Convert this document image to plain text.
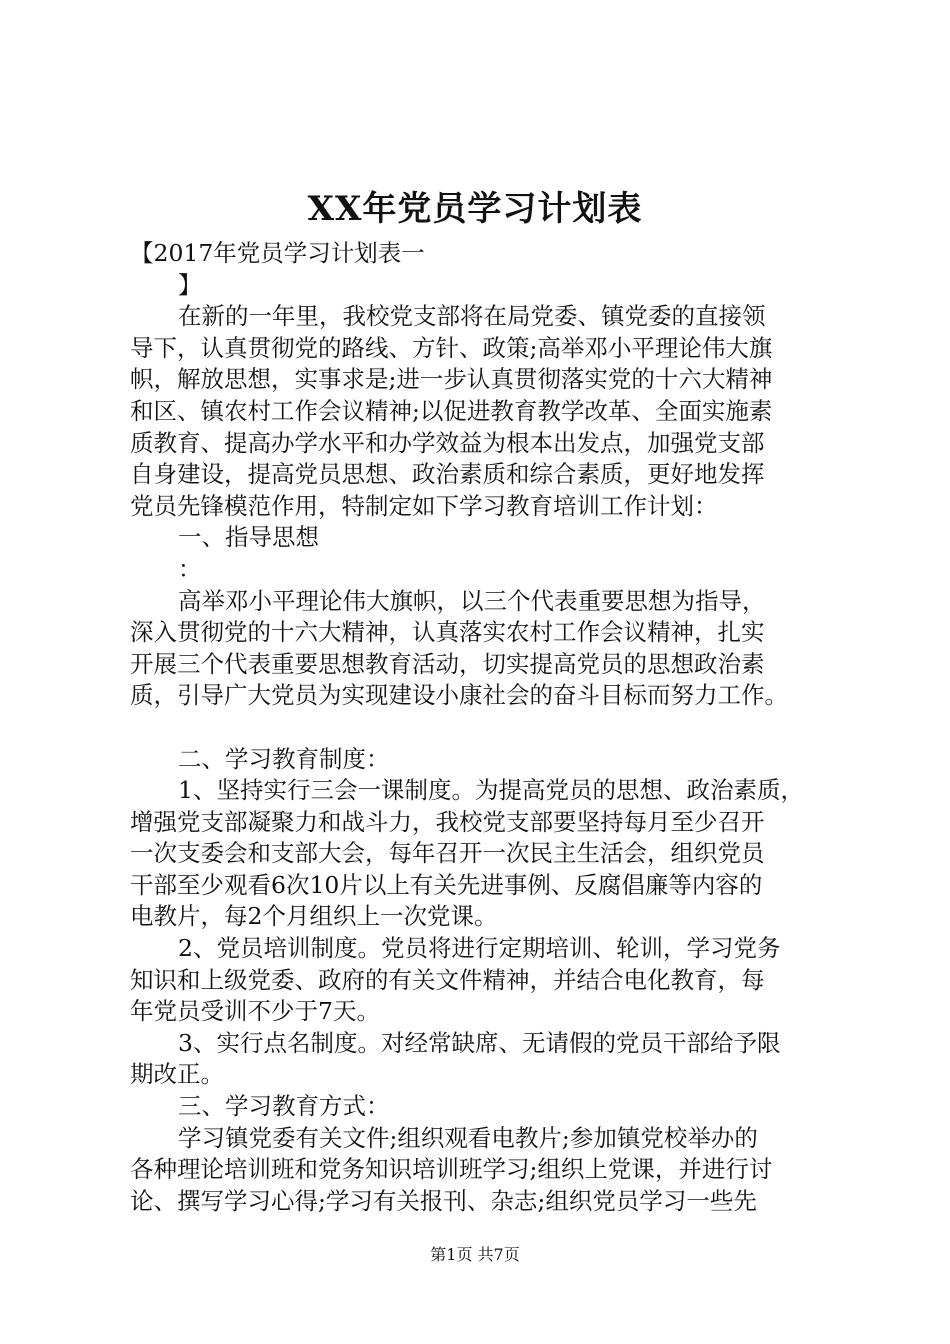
XX年党员学习计划表

【2017年党员学习计划表一

】

在新的一年里，我校党支部将在局党委、镇党委的直接领

导下，认真贯彻党的路线、方针、政策;高举邓小平理论伟大旗

帜，解放思想，实事求是;进一步认真贯彻落实党的十六大精神

和区、镇农村工作会议精神;以促进教育教学改革、全面实施素

质教育、提高办学水平和办学效益为根本出发点，加强党支部

自身建设，提高党员思想、政治素质和综合素质，更好地发挥

党员先锋模范作用，特制定如下学习教育培训工作计划：

一、指导思想

：

高举邓小平理论伟大旗帜，以三个代表重要思想为指导，

深入贯彻党的十六大精神，认真落实农村工作会议精神，扎实

开展三个代表重要思想教育活动，切实提高党员的思想政治素

质，引导广大党员为实现建设小康社会的奋斗目标而努力工作。

二、学习教育制度：

1、坚持实行三会一课制度。为提高党员的思想、政治素质，

增强党支部凝聚力和战斗力，我校党支部要坚持每月至少召开

一次支委会和支部大会，每年召开一次民主生活会，组织党员

干部至少观看6次10片以上有关先进事例、反腐倡廉等内容的

电教片，每2个月组织上一次党课。

2、党员培训制度。党员将进行定期培训、轮训，学习党务

知识和上级党委、政府的有关文件精神，并结合电化教育，每

年党员受训不少于7天。

3、实行点名制度。对经常缺席、无请假的党员干部给予限

期改正。

三、学习教育方式：

学习镇党委有关文件;组织观看电教片;参加镇党校举办的

各种理论培训班和党务知识培训班学习;组织上党课，并进行讨

论、撰写学习心得;学习有关报刊、杂志;组织党员学习一些先

第1页 共7页
